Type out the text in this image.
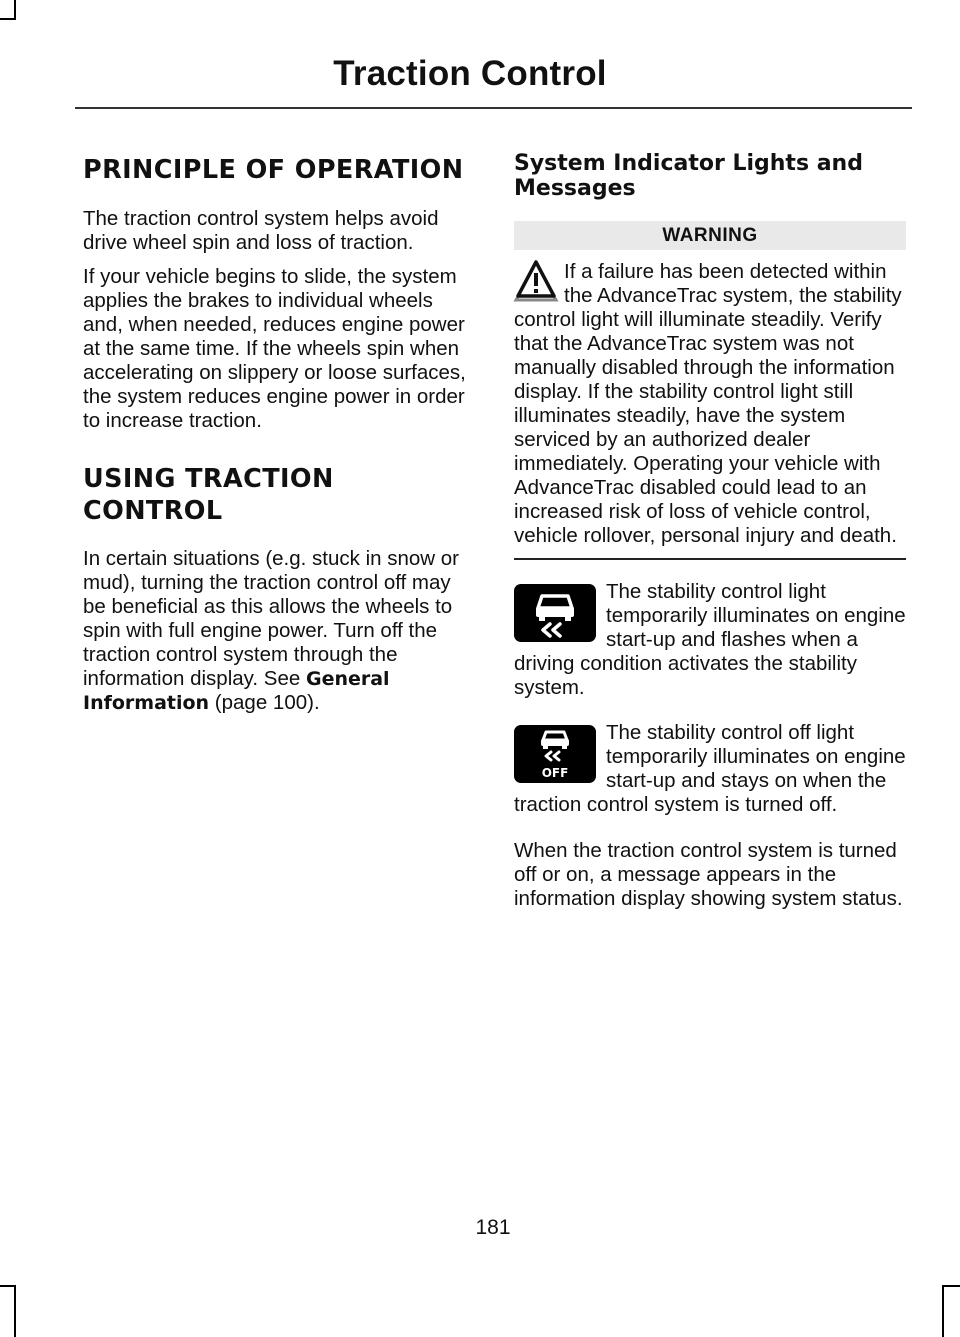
Traction Control
PRINCIPLE OF OPERATION

The traction control system helps avoid drive wheel spin and loss of traction.

If your vehicle begins to slide, the system applies the brakes to individual wheels and, when needed, reduces engine power at the same time. If the wheels spin when accelerating on slippery or loose surfaces, the system reduces engine power in order to increase traction.

USING TRACTION
CONTROL

In certain situations (e.g. stuck in snow or mud), turning the traction control off may be beneficial as this allows the wheels to spin with full engine power. Turn off the traction control system through the information display. See General Information (page 100).

System Indicator Lights and Messages
WARNING

If a failure has been detected within the AdvanceTrac system, the stability control light will illuminate steadily. Verify that the AdvanceTrac system was not manually disabled through the information display. If the stability control light still illuminates steadily, have the system serviced by an authorized dealer immediately. Operating your vehicle with AdvanceTrac disabled could lead to an increased risk of loss of vehicle control, vehicle rollover, personal injury and death.

The stability control light temporarily illuminates on engine start-up and flashes when a driving condition activates the stability system.

OFF

The stability control off light temporarily illuminates on engine start-up and stays on when the traction control system is turned off.

When the traction control system is turned off or on, a message appears in the information display showing system status.

181
